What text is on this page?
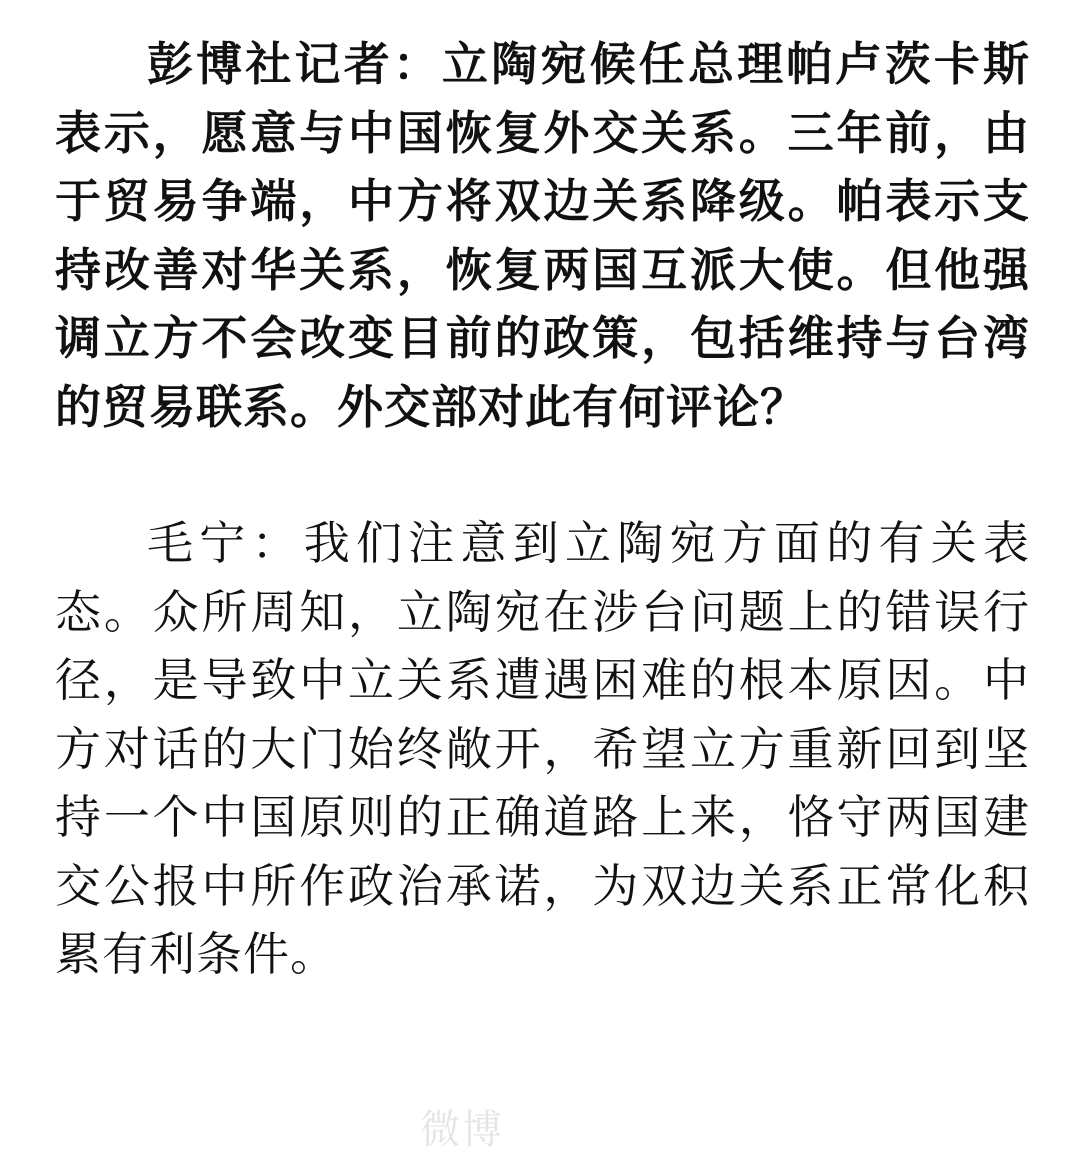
彭博社记者：立陶宛候任总理帕卢茨卡斯表示，愿意与中国恢复外交关系。三年前，由于贸易争端，中方将双边关系降级。帕表示支持改善对华关系，恢复两国互派大使。但他强调立方不会改变目前的政策，包括维持与台湾的贸易联系。外交部对此有何评论？

毛宁：我们注意到立陶宛方面的有关表态。众所周知，立陶宛在涉台问题上的错误行径，是导致中立关系遭遇困难的根本原因。中方对话的大门始终敞开，希望立方重新回到坚持一个中国原则的正确道路上来，恪守两国建交公报中所作政治承诺，为双边关系正常化积累有利条件。

微博
